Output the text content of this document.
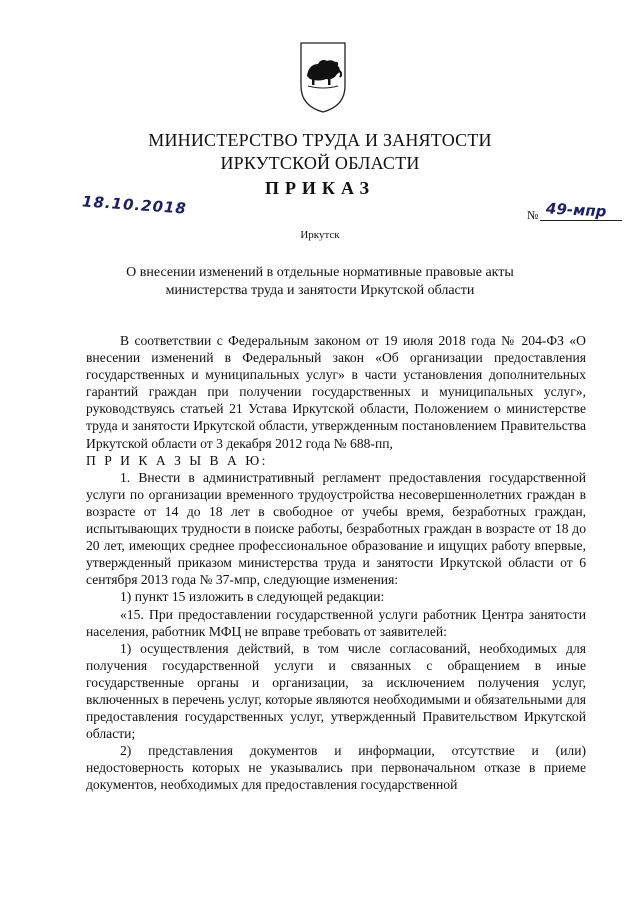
МИНИСТЕРСТВО ТРУДА И ЗАНЯТОСТИ
ИРКУТСКОЙ ОБЛАСТИ
ПРИКАЗ
18.10.2018	№ 49-мпр
Иркутск
О внесении изменений в отдельные нормативные правовые акты
министерства труда и занятости Иркутской области

В соответствии с Федеральным законом от 19 июля 2018 года № 204-ФЗ «О внесении изменений в Федеральный закон «Об организации предоставления государственных и муниципальных услуг» в части установления дополнительных гарантий граждан при получении государственных и муниципальных услуг», руководствуясь статьей 21 Устава Иркутской области, Положением о министерстве труда и занятости Иркутской области, утвержденным постановлением Правительства Иркутской области от 3 декабря 2012 года № 688-пп,

П Р И К А З Ы В А Ю:

1. Внести в административный регламент предоставления государственной услуги по организации временного трудоустройства несовершеннолетних граждан в возрасте от 14 до 18 лет в свободное от учебы время, безработных граждан, испытывающих трудности в поиске работы, безработных граждан в возрасте от 18 до 20 лет, имеющих среднее профессиональное образование и ищущих работу впервые, утвержденный приказом министерства труда и занятости Иркутской области от 6 сентября 2013 года № 37-мпр, следующие изменения:

1) пункт 15 изложить в следующей редакции:

«15. При предоставлении государственной услуги работник Центра занятости населения, работник МФЦ не вправе требовать от заявителей:

1) осуществления действий, в том числе согласований, необходимых для получения государственной услуги и связанных с обращением в иные государственные органы и организации, за исключением получения услуг, включенных в перечень услуг, которые являются необходимыми и обязательными для предоставления государственных услуг, утвержденный Правительством Иркутской области;

2) представления документов и информации, отсутствие и (или) недостоверность которых не указывались при первоначальном отказе в приеме документов, необходимых для предоставления государственной
